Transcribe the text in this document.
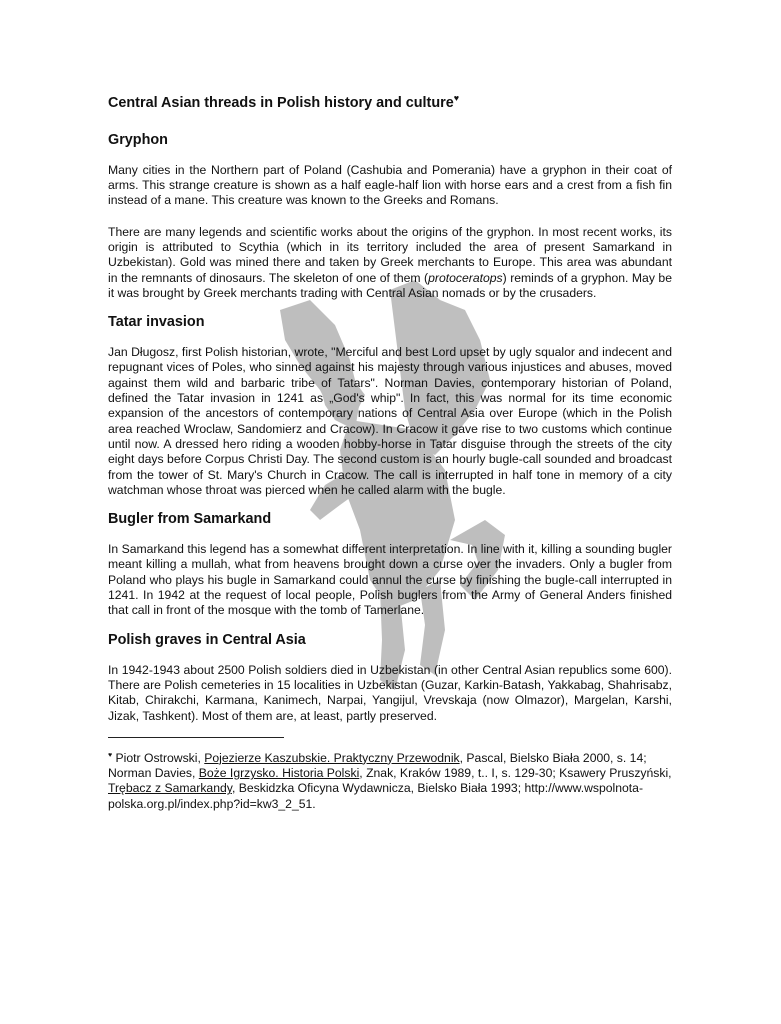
Central Asian threads in Polish history and culture♥
Gryphon

Many cities in the Northern part of Poland (Cashubia and Pomerania) have a gryphon in their coat of arms. This strange creature is shown as a half eagle-half lion with horse ears and a crest from a fish fin instead of a mane. This creature was known to the Greeks and Romans.

There are many legends and scientific works about the origins of the gryphon. In most recent works, its origin is attributed to Scythia (which in its territory included the area of present Samarkand in Uzbekistan). Gold was mined there and taken by Greek merchants to Europe. This area was abundant in the remnants of dinosaurs. The skeleton of one of them (protoceratops) reminds of a gryphon. May be it was brought by Greek merchants trading with Central Asian nomads or by the crusaders.

Tatar invasion

Jan Długosz, first Polish historian, wrote, "Merciful and best Lord upset by ugly squalor and indecent and repugnant vices of Poles, who sinned against his majesty through various injustices and abuses, moved against them wild and barbaric tribe of Tatars". Norman Davies, contemporary historian of Poland, defined the Tatar invasion in 1241 as „God's whip". In fact, this was normal for its time economic expansion of the ancestors of contemporary nations of Central Asia over Europe (which in the Polish area reached Wroclaw, Sandomierz and Cracow). In Cracow it gave rise to two customs which continue until now. A dressed hero riding a wooden hobby-horse in Tatar disguise through the streets of the city eight days before Corpus Christi Day. The second custom is an hourly bugle-call sounded and broadcast from the tower of St. Mary's Church in Cracow. The call is interrupted in half tone in memory of a city watchman whose throat was pierced when he called alarm with the bugle.

Bugler from Samarkand

In Samarkand this legend has a somewhat different interpretation. In line with it, killing a sounding bugler meant killing a mullah, what from heavens brought down a curse over the invaders. Only a bugler from Poland who plays his bugle in Samarkand could annul the curse by finishing the bugle-call interrupted in 1241. In 1942 at the request of local people, Polish buglers from the Army of General Anders finished that call in front of the mosque with the tomb of Tamerlane.

Polish graves in Central Asia

In 1942-1943 about 2500 Polish soldiers died in Uzbekistan (in other Central Asian republics some 600). There are Polish cemeteries in 15 localities in Uzbekistan (Guzar, Karkin-Batash, Yakkabag, Shahrisabz, Kitab, Chirakchi, Karmana, Kanimech, Narpai, Yangijul, Vrevskaja (now Olmazor), Margelan, Karshi, Jizak, Tashkent). Most of them are, at least, partly preserved.

♥ Piotr Ostrowski, Pojezierze Kaszubskie. Praktyczny Przewodnik, Pascal, Bielsko Biała 2000, s. 14; Norman Davies, Boże Igrzysko. Historia Polski, Znak, Kraków 1989, t.. I, s. 129-30; Ksawery Pruszyński, Trębacz z Samarkandy, Beskidzka Oficyna Wydawnicza, Bielsko Biała 1993; http://www.wspolnota-polska.org.pl/index.php?id=kw3_2_51.
